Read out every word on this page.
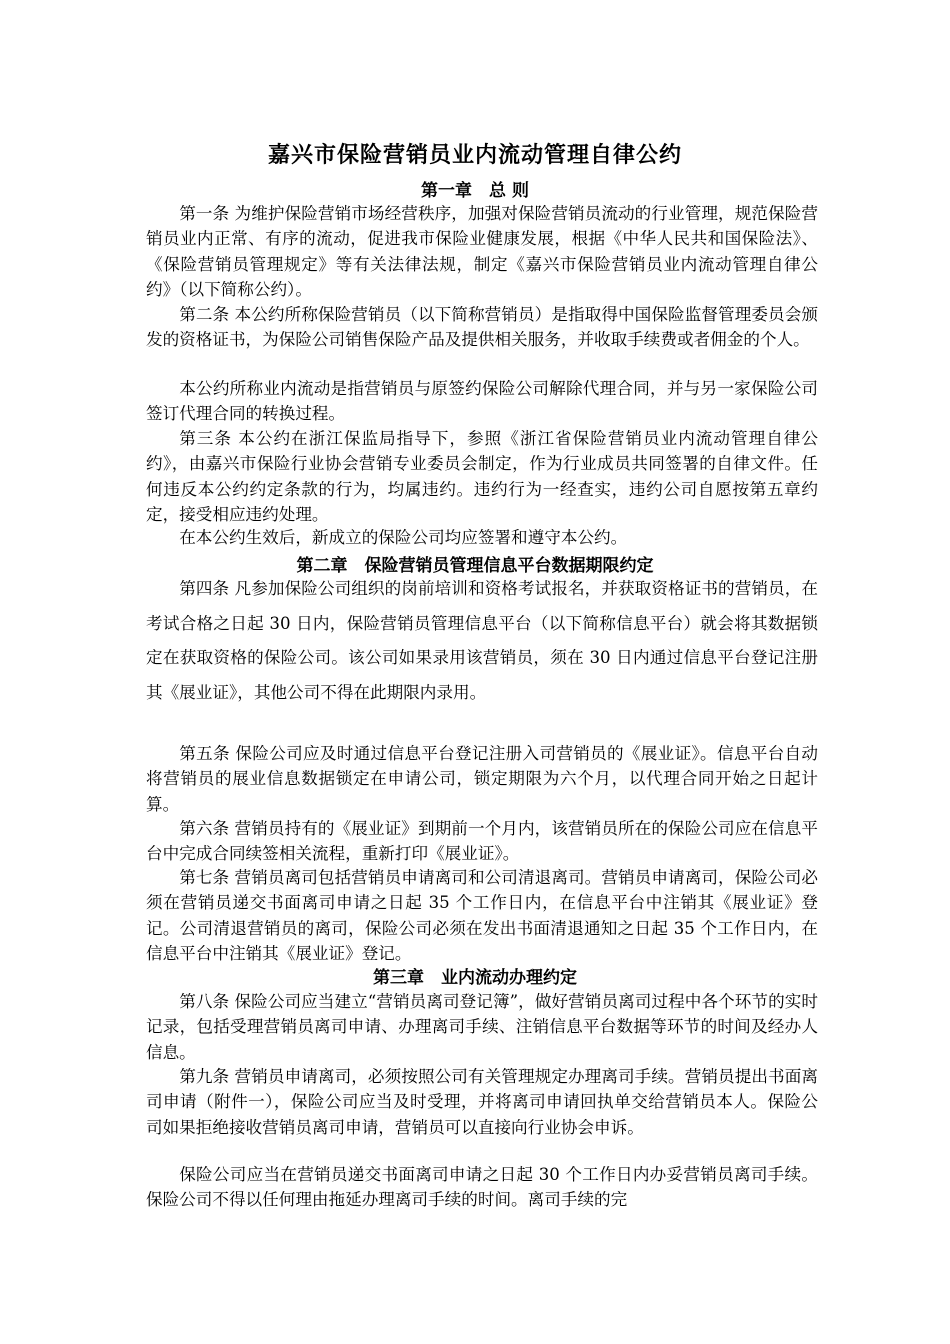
嘉兴市保险营销员业内流动管理自律公约
第一章　总 则

第一条 为维护保险营销市场经营秩序，加强对保险营销员流动的行业管理，规范保险营销员业内正常、有序的流动，促进我市保险业健康发展，根据《中华人民共和国保险法》、《保险营销员管理规定》等有关法律法规，制定《嘉兴市保险营销员业内流动管理自律公约》（以下简称公约）。

第二条 本公约所称保险营销员（以下简称营销员）是指取得中国保险监督管理委员会颁发的资格证书，为保险公司销售保险产品及提供相关服务，并收取手续费或者佣金的个人。

本公约所称业内流动是指营销员与原签约保险公司解除代理合同，并与另一家保险公司签订代理合同的转换过程。

第三条 本公约在浙江保监局指导下，参照《浙江省保险营销员业内流动管理自律公约》，由嘉兴市保险行业协会营销专业委员会制定，作为行业成员共同签署的自律文件。任何违反本公约约定条款的行为，均属违约。违约行为一经查实，违约公司自愿按第五章约定，接受相应违约处理。

在本公约生效后，新成立的保险公司均应签署和遵守本公约。

第二章　保险营销员管理信息平台数据期限约定

第四条 凡参加保险公司组织的岗前培训和资格考试报名，并获取资格证书的营销员，在考试合格之日起 30 日内，保险营销员管理信息平台（以下简称信息平台）就会将其数据锁定在获取资格的保险公司。该公司如果录用该营销员，须在 30 日内通过信息平台登记注册其《展业证》，其他公司不得在此期限内录用。

第五条 保险公司应及时通过信息平台登记注册入司营销员的《展业证》。信息平台自动将营销员的展业信息数据锁定在申请公司，锁定期限为六个月，以代理合同开始之日起计算。

第六条 营销员持有的《展业证》到期前一个月内，该营销员所在的保险公司应在信息平台中完成合同续签相关流程，重新打印《展业证》。

第七条 营销员离司包括营销员申请离司和公司清退离司。营销员申请离司，保险公司必须在营销员递交书面离司申请之日起 35 个工作日内，在信息平台中注销其《展业证》登记。公司清退营销员的离司，保险公司必须在发出书面清退通知之日起 35 个工作日内，在信息平台中注销其《展业证》登记。

第三章　业内流动办理约定

第八条 保险公司应当建立“营销员离司登记簿”，做好营销员离司过程中各个环节的实时记录，包括受理营销员离司申请、办理离司手续、注销信息平台数据等环节的时间及经办人信息。

第九条 营销员申请离司，必须按照公司有关管理规定办理离司手续。营销员提出书面离司申请（附件一），保险公司应当及时受理，并将离司申请回执单交给营销员本人。保险公司如果拒绝接收营销员离司申请，营销员可以直接向行业协会申诉。

保险公司应当在营销员递交书面离司申请之日起 30 个工作日内办妥营销员离司手续。保险公司不得以任何理由拖延办理离司手续的时间。离司手续的完
